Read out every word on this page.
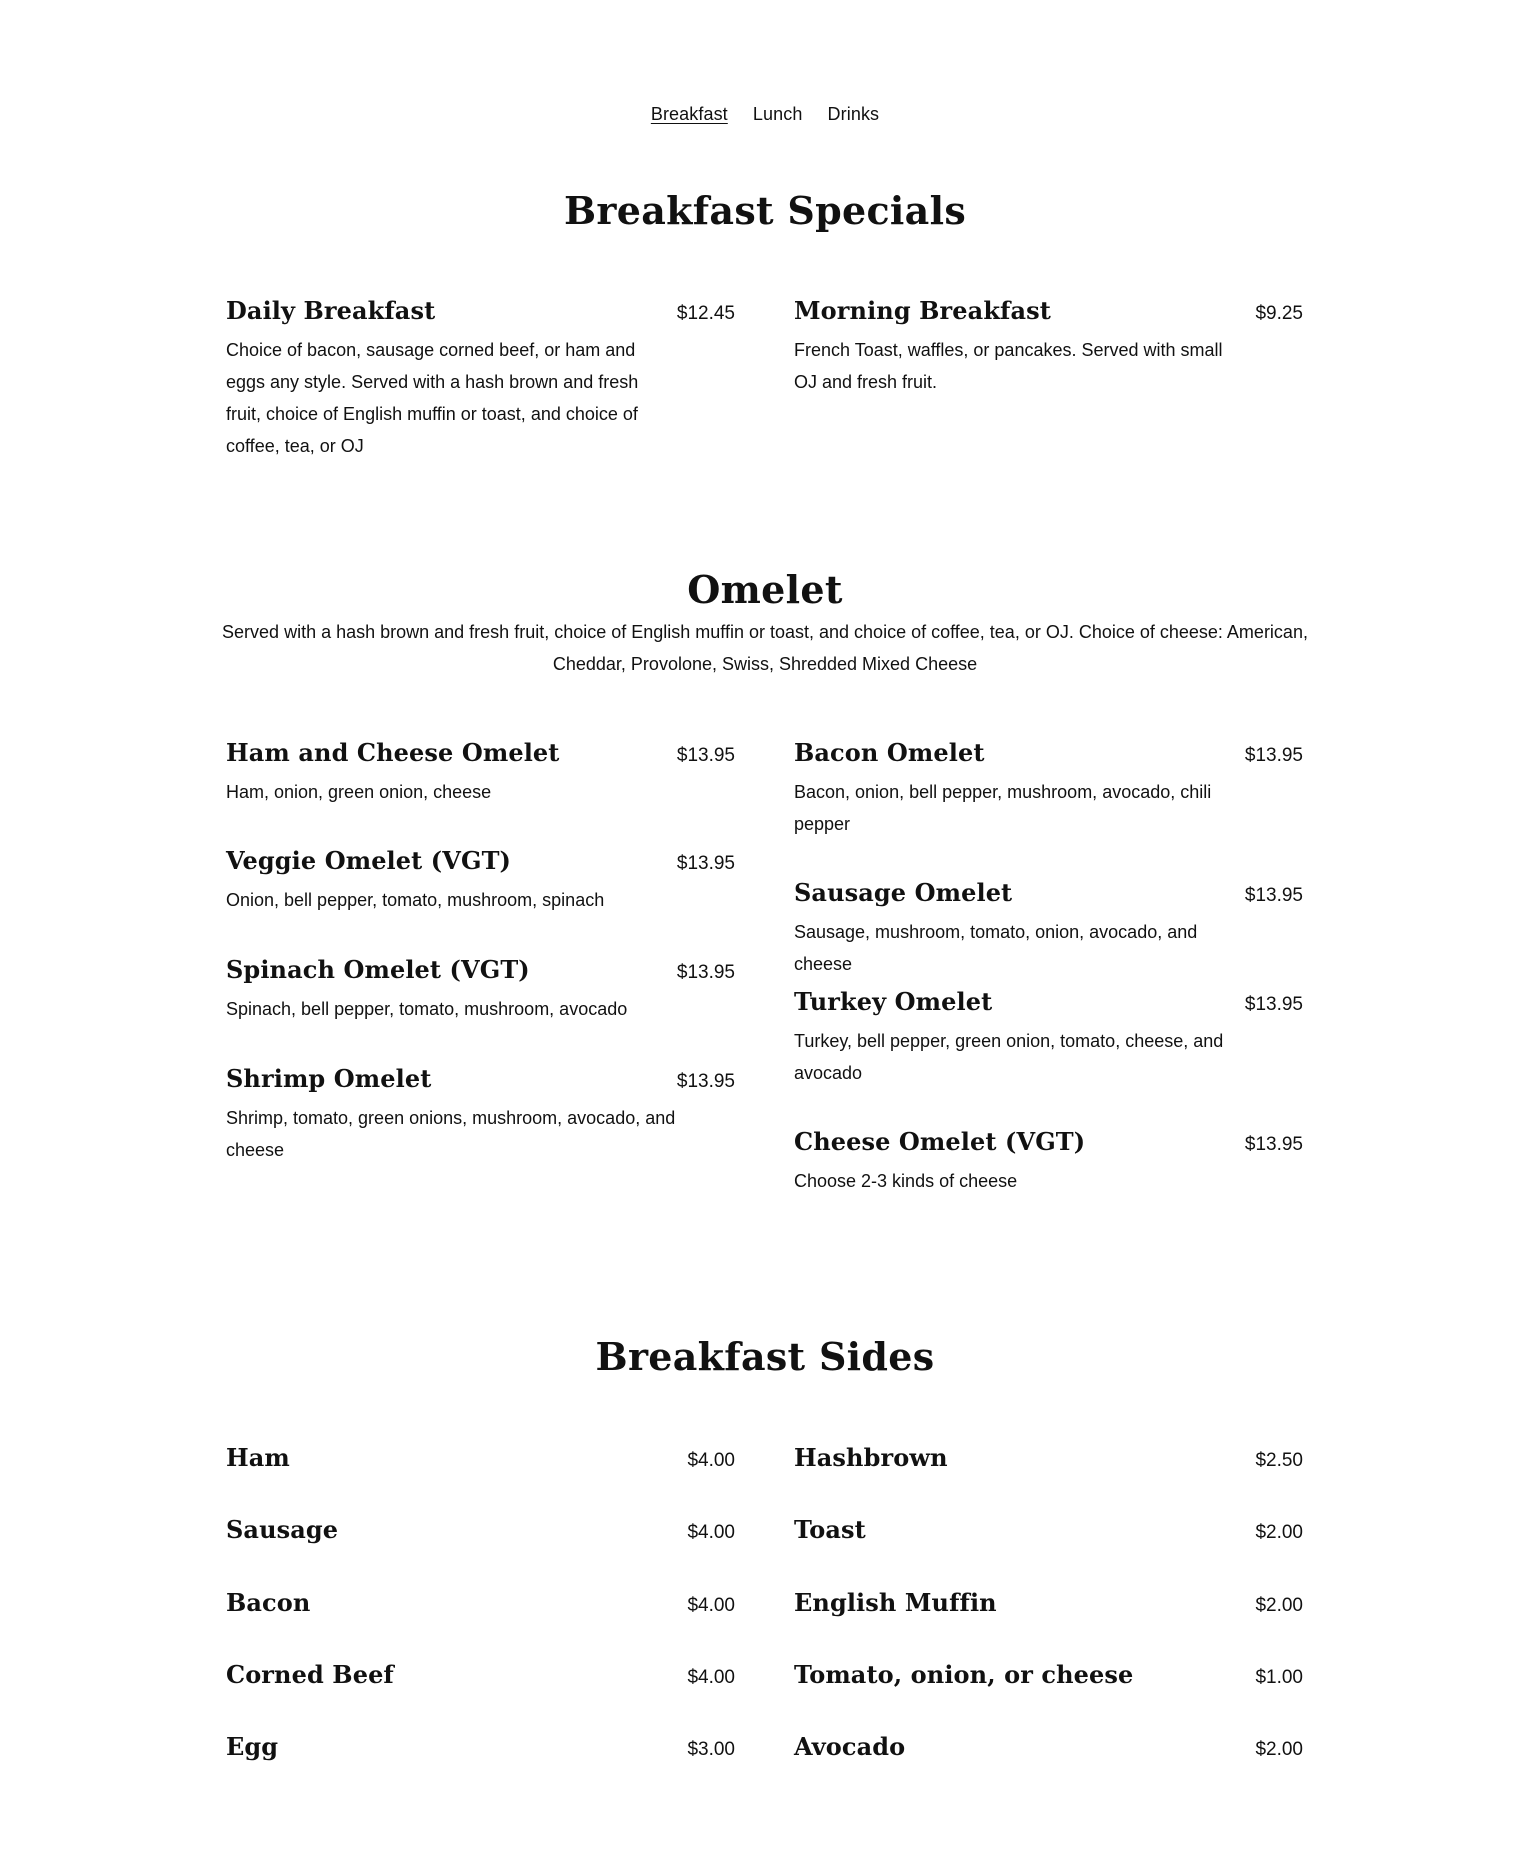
Breakfast Lunch Drinks
Breakfast Specials
Daily Breakfast	$12.45
Choice of bacon, sausage corned beef, or ham and eggs any style. Served with a hash brown and fresh fruit, choice of English muffin or toast, and choice of coffee, tea, or OJ
Morning Breakfast	$9.25
French Toast, waffles, or pancakes. Served with small OJ and fresh fruit.
Omelet

Served with a hash brown and fresh fruit, choice of English muffin or toast, and choice of coffee, tea, or OJ. Choice of cheese: American, Cheddar, Provolone, Swiss, Shredded Mixed Cheese

Ham and Cheese Omelet	$13.95
Ham, onion, green onion, cheese
Veggie Omelet (VGT)	$13.95
Onion, bell pepper, tomato, mushroom, spinach
Spinach Omelet (VGT)	$13.95
Spinach, bell pepper, tomato, mushroom, avocado
Shrimp Omelet	$13.95
Shrimp, tomato, green onions, mushroom, avocado, and cheese
Bacon Omelet	$13.95
Bacon, onion, bell pepper, mushroom, avocado, chili pepper
Sausage Omelet	$13.95
Sausage, mushroom, tomato, onion, avocado, and cheese
Turkey Omelet	$13.95
Turkey, bell pepper, green onion, tomato, cheese, and avocado
Cheese Omelet (VGT)	$13.95
Choose 2-3 kinds of cheese
Breakfast Sides
Ham	$4.00
Sausage	$4.00
Bacon	$4.00
Corned Beef	$4.00
Egg	$3.00
Hashbrown	$2.50
Toast	$2.00
English Muffin	$2.00
Tomato, onion, or cheese	$1.00
Avocado	$2.00
